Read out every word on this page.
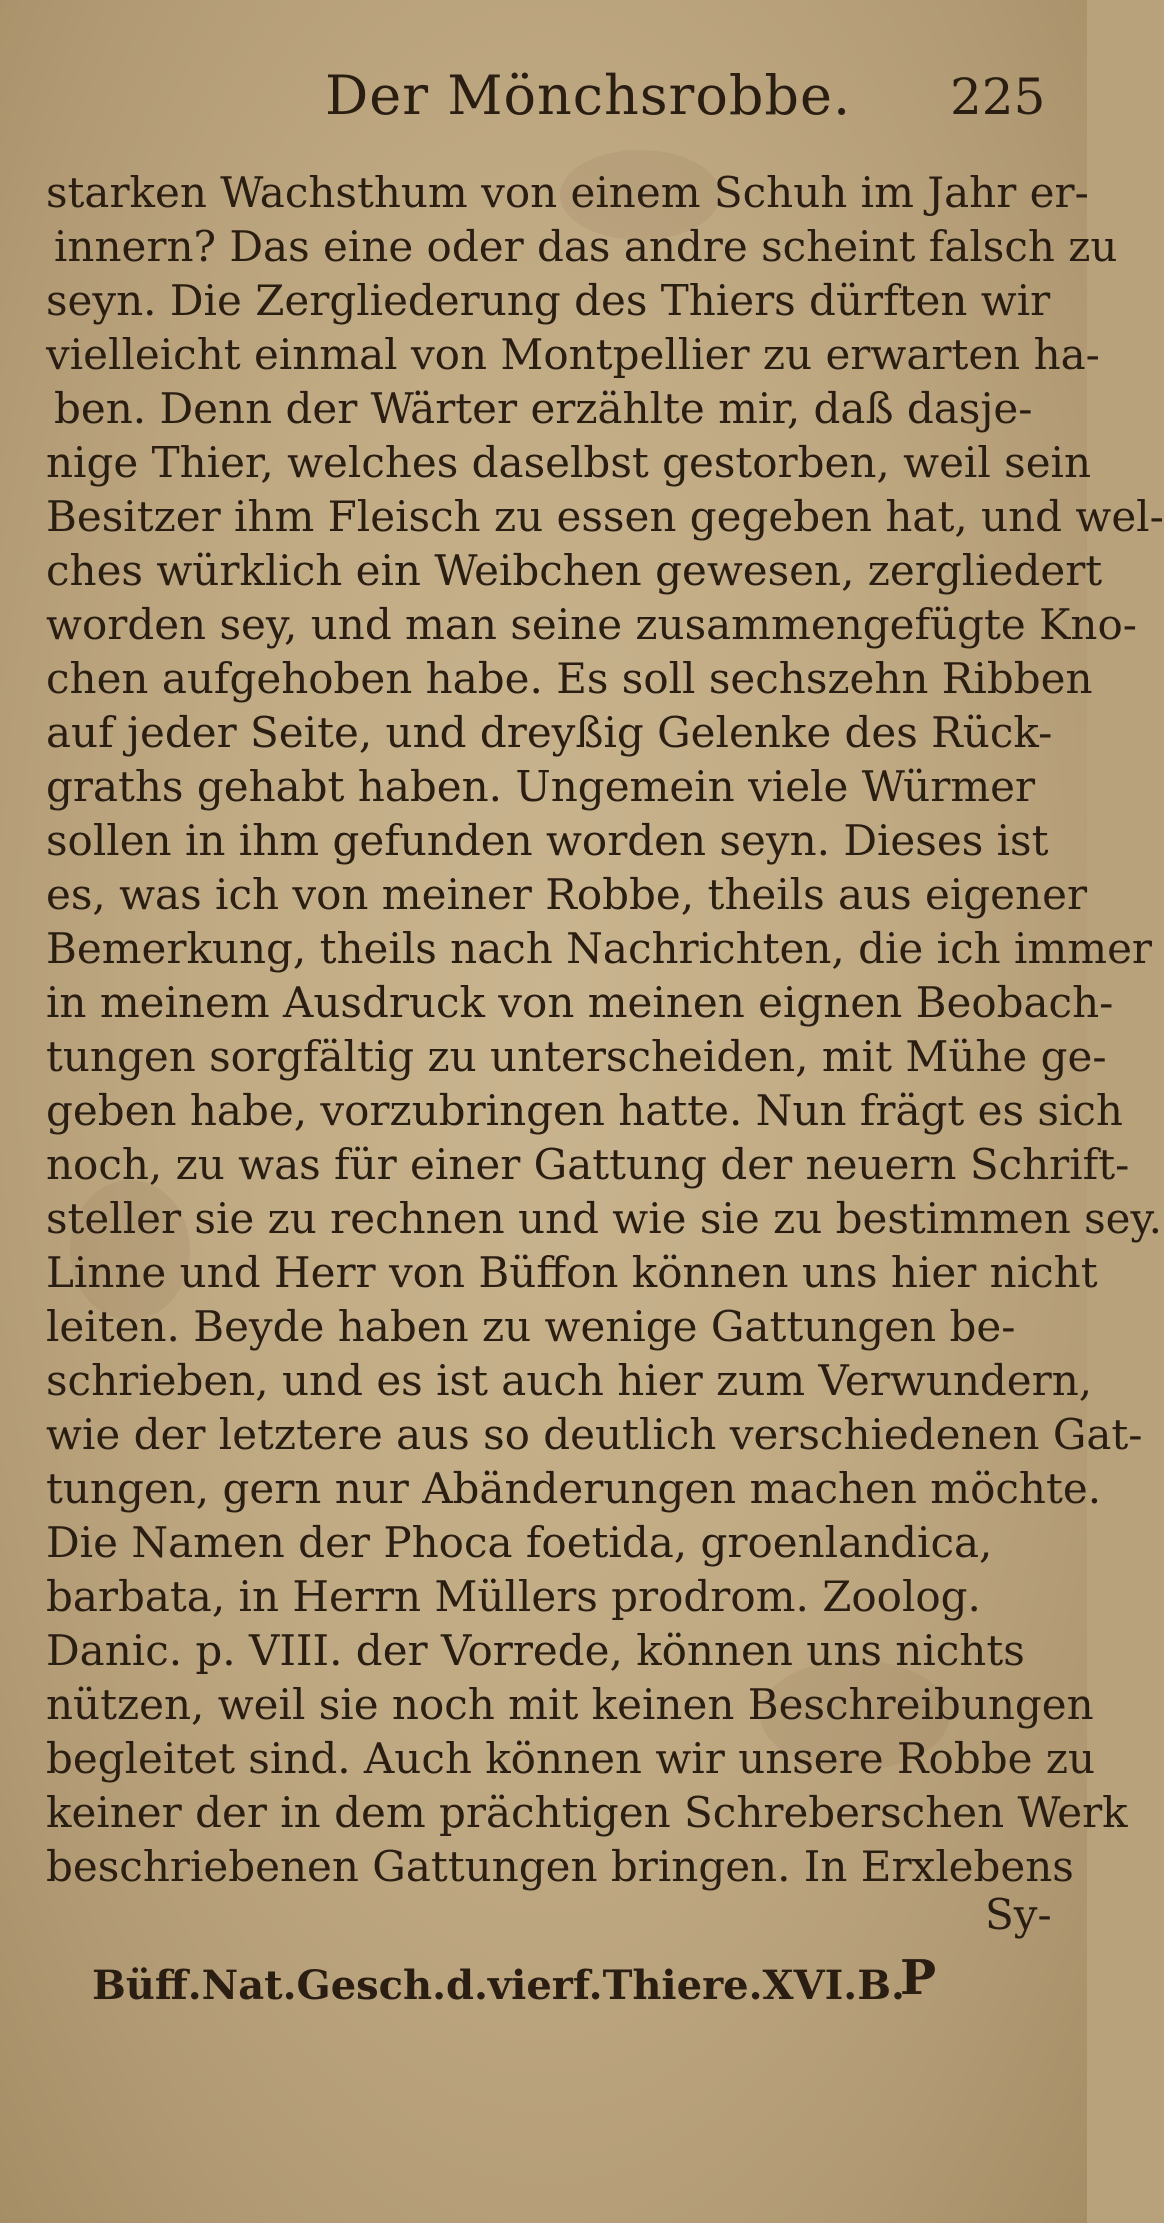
Der Mönchsrobbe. 225
starken Wachsthum von einem Schuh im Jahr er-
innern? Das eine oder das andre scheint falsch zu
seyn. Die Zergliederung des Thiers dürften wir
vielleicht einmal von Montpellier zu erwarten ha-
ben. Denn der Wärter erzählte mir, daß dasje-
nige Thier, welches daselbst gestorben, weil sein
Besitzer ihm Fleisch zu essen gegeben hat, und wel-
ches würklich ein Weibchen gewesen, zergliedert
worden sey, und man seine zusammengefügte Kno-
chen aufgehoben habe. Es soll sechszehn Ribben
auf jeder Seite, und dreyßig Gelenke des Rück-
graths gehabt haben. Ungemein viele Würmer
sollen in ihm gefunden worden seyn. Dieses ist
es, was ich von meiner Robbe, theils aus eigener
Bemerkung, theils nach Nachrichten, die ich immer
in meinem Ausdruck von meinen eignen Beobach-
tungen sorgfältig zu unterscheiden, mit Mühe ge-
geben habe, vorzubringen hatte. Nun frägt es sich
noch, zu was für einer Gattung der neuern Schrift-
steller sie zu rechnen und wie sie zu bestimmen sey.
Linne und Herr von Büffon können uns hier nicht
leiten. Beyde haben zu wenige Gattungen be-
schrieben, und es ist auch hier zum Verwundern,
wie der letztere aus so deutlich verschiedenen Gat-
tungen, gern nur Abänderungen machen möchte.
Die Namen der Phoca foetida, groenlandica,
barbata, in Herrn Müllers prodrom. Zoolog.
Danic. p. VIII. der Vorrede, können uns nichts
nützen, weil sie noch mit keinen Beschreibungen
begleitet sind. Auch können wir unsere Robbe zu
keiner der in dem prächtigen Schreberschen Werk
beschriebenen Gattungen bringen. In Erxlebens
Sy-
Büff.Nat.Gesch.d.vierf.Thiere.XVI.B.
P
